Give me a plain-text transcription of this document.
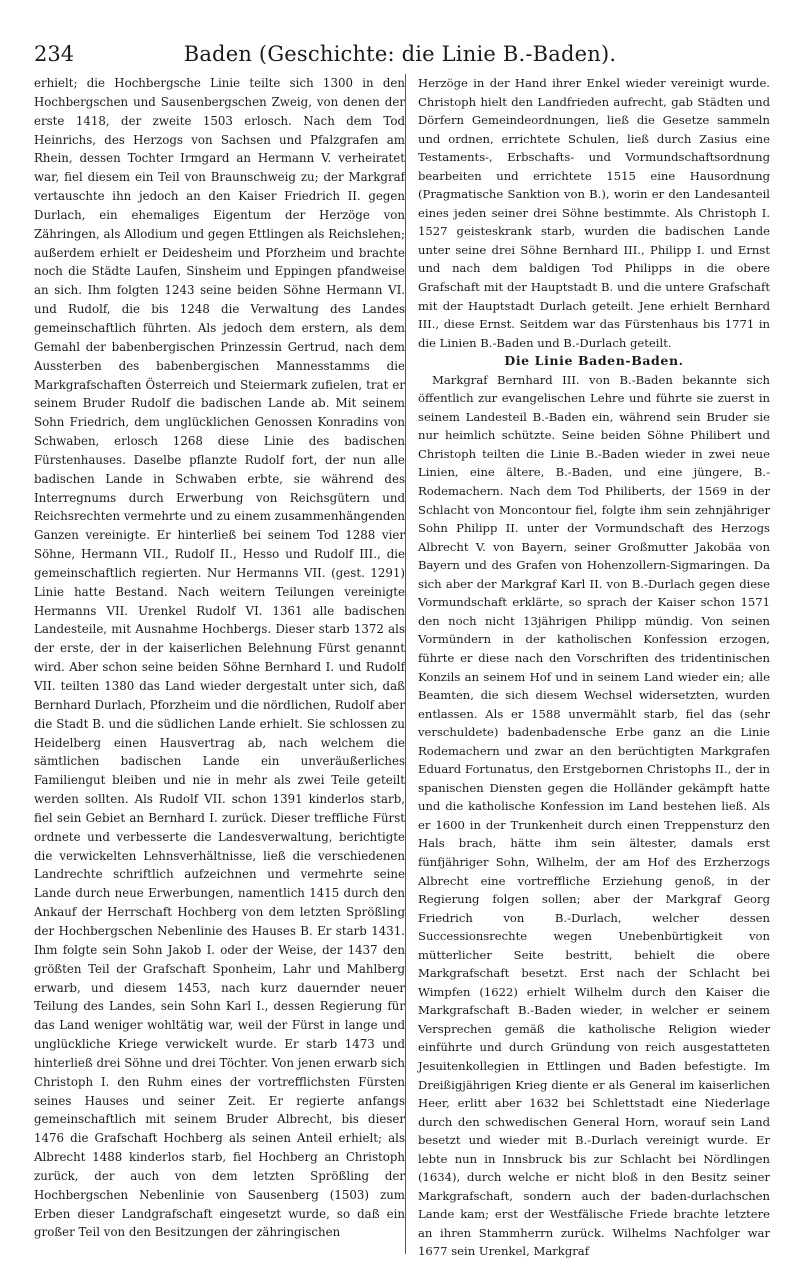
234	Baden (Geschichte: die Linie B.-Baden).

erhielt; die Hochbergsche Linie teilte sich 1300 in den Hochbergschen und Sausenbergschen Zweig, von denen der erste 1418, der zweite 1503 erlosch. Nach dem Tod Heinrichs, des Herzogs von Sachsen und Pfalzgrafen am Rhein, dessen Tochter Irmgard an Hermann V. verheiratet war, fiel diesem ein Teil von Braunschweig zu; der Markgraf vertauschte ihn jedoch an den Kaiser Friedrich II. gegen Durlach, ein ehemaliges Eigentum der Herzöge von Zähringen, als Allodium und gegen Ettlingen als Reichslehen; außerdem erhielt er Deidesheim und Pforzheim und brachte noch die Städte Laufen, Sinsheim und Eppingen pfandweise an sich. Ihm folgten 1243 seine beiden Söhne Hermann VI. und Rudolf, die bis 1248 die Verwaltung des Landes gemeinschaftlich führten. Als jedoch dem erstern, als dem Gemahl der babenbergischen Prinzessin Gertrud, nach dem Aussterben des babenbergischen Mannesstamms die Markgrafschaften Österreich und Steiermark zufielen, trat er seinem Bruder Rudolf die badischen Lande ab. Mit seinem Sohn Friedrich, dem unglücklichen Genossen Konradins von Schwaben, erlosch 1268 diese Linie des badischen Fürstenhauses. Daselbe pflanzte Rudolf fort, der nun alle badischen Lande in Schwaben erbte, sie während des Interregnums durch Erwerbung von Reichsgütern und Reichsrechten vermehrte und zu einem zusammenhängenden Ganzen vereinigte. Er hinterließ bei seinem Tod 1288 vier Söhne, Hermann VII., Rudolf II., Hesso und Rudolf III., die gemeinschaftlich regierten. Nur Hermanns VII. (gest. 1291) Linie hatte Bestand. Nach weitern Teilungen vereinigte Hermanns VII. Urenkel Rudolf VI. 1361 alle badischen Landesteile, mit Ausnahme Hochbergs. Dieser starb 1372 als der erste, der in der kaiserlichen Belehnung Fürst genannt wird. Aber schon seine beiden Söhne Bernhard I. und Rudolf VII. teilten 1380 das Land wieder dergestalt unter sich, daß Bernhard Durlach, Pforzheim und die nördlichen, Rudolf aber die Stadt B. und die südlichen Lande erhielt. Sie schlossen zu Heidelberg einen Hausvertrag ab, nach welchem die sämtlichen badischen Lande ein unveräußerliches Familiengut bleiben und nie in mehr als zwei Teile geteilt werden sollten. Als Rudolf VII. schon 1391 kinderlos starb, fiel sein Gebiet an Bernhard I. zurück. Dieser treffliche Fürst ordnete und verbesserte die Landesverwaltung, berichtigte die verwickelten Lehnsverhältnisse, ließ die verschiedenen Landrechte schriftlich aufzeichnen und vermehrte seine Lande durch neue Erwerbungen, namentlich 1415 durch den Ankauf der Herrschaft Hochberg von dem letzten Sprößling der Hochbergschen Nebenlinie des Hauses B. Er starb 1431. Ihm folgte sein Sohn Jakob I. oder der Weise, der 1437 den größten Teil der Grafschaft Sponheim, Lahr und Mahlberg erwarb, und diesem 1453, nach kurz dauernder neuer Teilung des Landes, sein Sohn Karl I., dessen Regierung für das Land weniger wohltätig war, weil der Fürst in lange und unglückliche Kriege verwickelt wurde. Er starb 1473 und hinterließ drei Söhne und drei Töchter. Von jenen erwarb sich Christoph I. den Ruhm eines der vortrefflichsten Fürsten seines Hauses und seiner Zeit. Er regierte anfangs gemeinschaftlich mit seinem Bruder Albrecht, bis dieser 1476 die Grafschaft Hochberg als seinen Anteil erhielt; als Albrecht 1488 kinderlos starb, fiel Hochberg an Christoph zurück, der auch von dem letzten Sprößling der Hochbergschen Nebenlinie von Sausenberg (1503) zum Erben dieser Landgrafschaft eingesetzt wurde, so daß ein großer Teil von den Besitzungen der zähringischen

Herzöge in der Hand ihrer Enkel wieder vereinigt wurde. Christoph hielt den Landfrieden aufrecht, gab Städten und Dörfern Gemeindeordnungen, ließ die Gesetze sammeln und ordnen, errichtete Schulen, ließ durch Zasius eine Testaments-, Erbschafts- und Vormundschaftsordnung bearbeiten und errichtete 1515 eine Hausordnung (Pragmatische Sanktion von B.), worin er den Landesanteil eines jeden seiner drei Söhne bestimmte. Als Christoph I. 1527 geisteskrank starb, wurden die badischen Lande unter seine drei Söhne Bernhard III., Philipp I. und Ernst und nach dem baldigen Tod Philipps in die obere Grafschaft mit der Hauptstadt B. und die untere Grafschaft mit der Hauptstadt Durlach geteilt. Jene erhielt Bernhard III., diese Ernst. Seitdem war das Fürstenhaus bis 1771 in die Linien B.-Baden und B.-Durlach geteilt.

Die Linie Baden-Baden.

Markgraf Bernhard III. von B.-Baden bekannte sich öffentlich zur evangelischen Lehre und führte sie zuerst in seinem Landesteil B.-Baden ein, während sein Bruder sie nur heimlich schützte. Seine beiden Söhne Philibert und Christoph teilten die Linie B.-Baden wieder in zwei neue Linien, eine ältere, B.-Baden, und eine jüngere, B.-Rodemachern. Nach dem Tod Philiberts, der 1569 in der Schlacht von Moncontour fiel, folgte ihm sein zehnjähriger Sohn Philipp II. unter der Vormundschaft des Herzogs Albrecht V. von Bayern, seiner Großmutter Jakobäa von Bayern und des Grafen von Hohenzollern-Sigmaringen. Da sich aber der Markgraf Karl II. von B.-Durlach gegen diese Vormundschaft erklärte, so sprach der Kaiser schon 1571 den noch nicht 13jährigen Philipp mündig. Von seinen Vormündern in der katholischen Konfession erzogen, führte er diese nach den Vorschriften des tridentinischen Konzils an seinem Hof und in seinem Land wieder ein; alle Beamten, die sich diesem Wechsel widersetzten, wurden entlassen. Als er 1588 unvermählt starb, fiel das (sehr verschuldete) badenbadensche Erbe ganz an die Linie Rodemachern und zwar an den berüchtigten Markgrafen Eduard Fortunatus, den Erstgebornen Christophs II., der in spanischen Diensten gegen die Holländer gekämpft hatte und die katholische Konfession im Land bestehen ließ. Als er 1600 in der Trunkenheit durch einen Treppensturz den Hals brach, hätte ihm sein ältester, damals erst fünfjähriger Sohn, Wilhelm, der am Hof des Erzherzogs Albrecht eine vortreffliche Erziehung genoß, in der Regierung folgen sollen; aber der Markgraf Georg Friedrich von B.-Durlach, welcher dessen Successionsrechte wegen Unebenbürtigkeit von mütterlicher Seite bestritt, behielt die obere Markgrafschaft besetzt. Erst nach der Schlacht bei Wimpfen (1622) erhielt Wilhelm durch den Kaiser die Markgrafschaft B.-Baden wieder, in welcher er seinem Versprechen gemäß die katholische Religion wieder einführte und durch Gründung von reich ausgestatteten Jesuitenkollegien in Ettlingen und Baden befestigte. Im Dreißigjährigen Krieg diente er als General im kaiserlichen Heer, erlitt aber 1632 bei Schlettstadt eine Niederlage durch den schwedischen General Horn, worauf sein Land besetzt und wieder mit B.-Durlach vereinigt wurde. Er lebte nun in Innsbruck bis zur Schlacht bei Nördlingen (1634), durch welche er nicht bloß in den Besitz seiner Markgrafschaft, sondern auch der baden-durlachschen Lande kam; erst der Westfälische Friede brachte letztere an ihren Stammherrn zurück. Wilhelms Nachfolger war 1677 sein Urenkel, Markgraf
